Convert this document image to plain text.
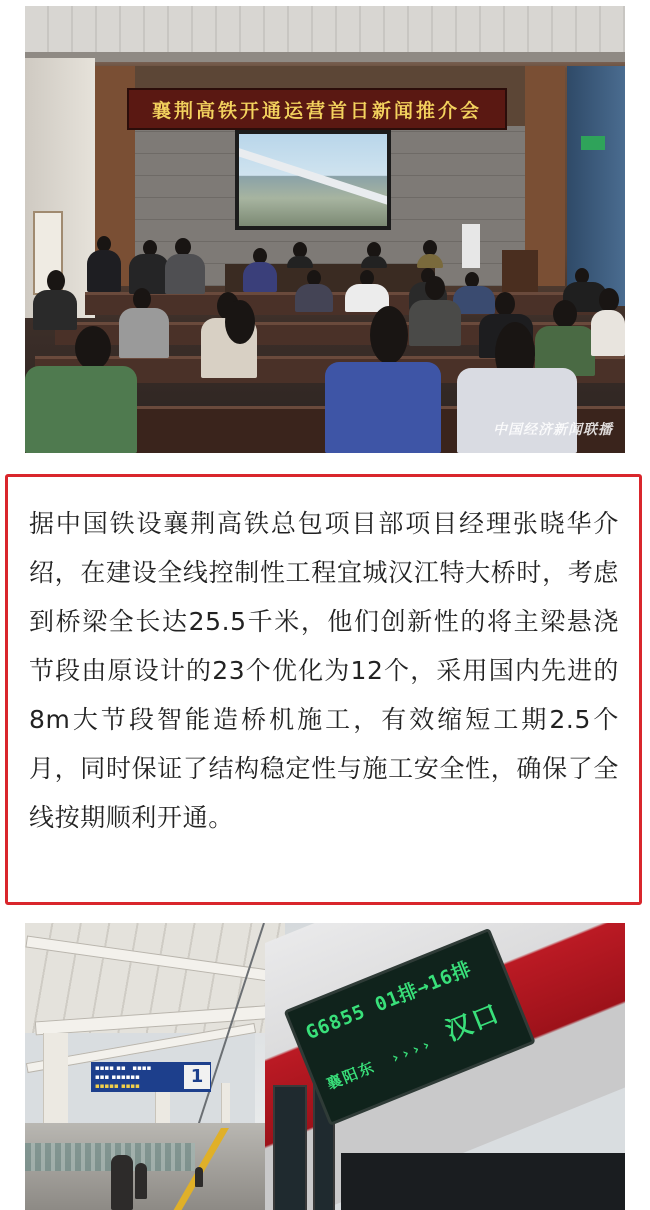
襄荆高铁开通运营首日新闻推介会
中国经济新闻联播

据中国铁设襄荆高铁总包项目部项目经理张晓华介绍，在建设全线控制性工程宜城汉江特大桥时，考虑到桥梁全长达25.5千米，他们创新性的将主梁悬浇节段由原设计的23个优化为12个，采用国内先进的8m大节段智能造桥机施工，有效缩短工期2.5个月，同时保证了结构稳定性与施工安全性，确保了全线按期顺利开通。

▪▪▪▪ ▪▪   ▪▪▪▪
▪▪▪ ▪▪▪▪▪▪
▪▪▪▪▪ ▪▪▪▪	1
G6855 01排→16排
襄阳东 ›››› 汉口
